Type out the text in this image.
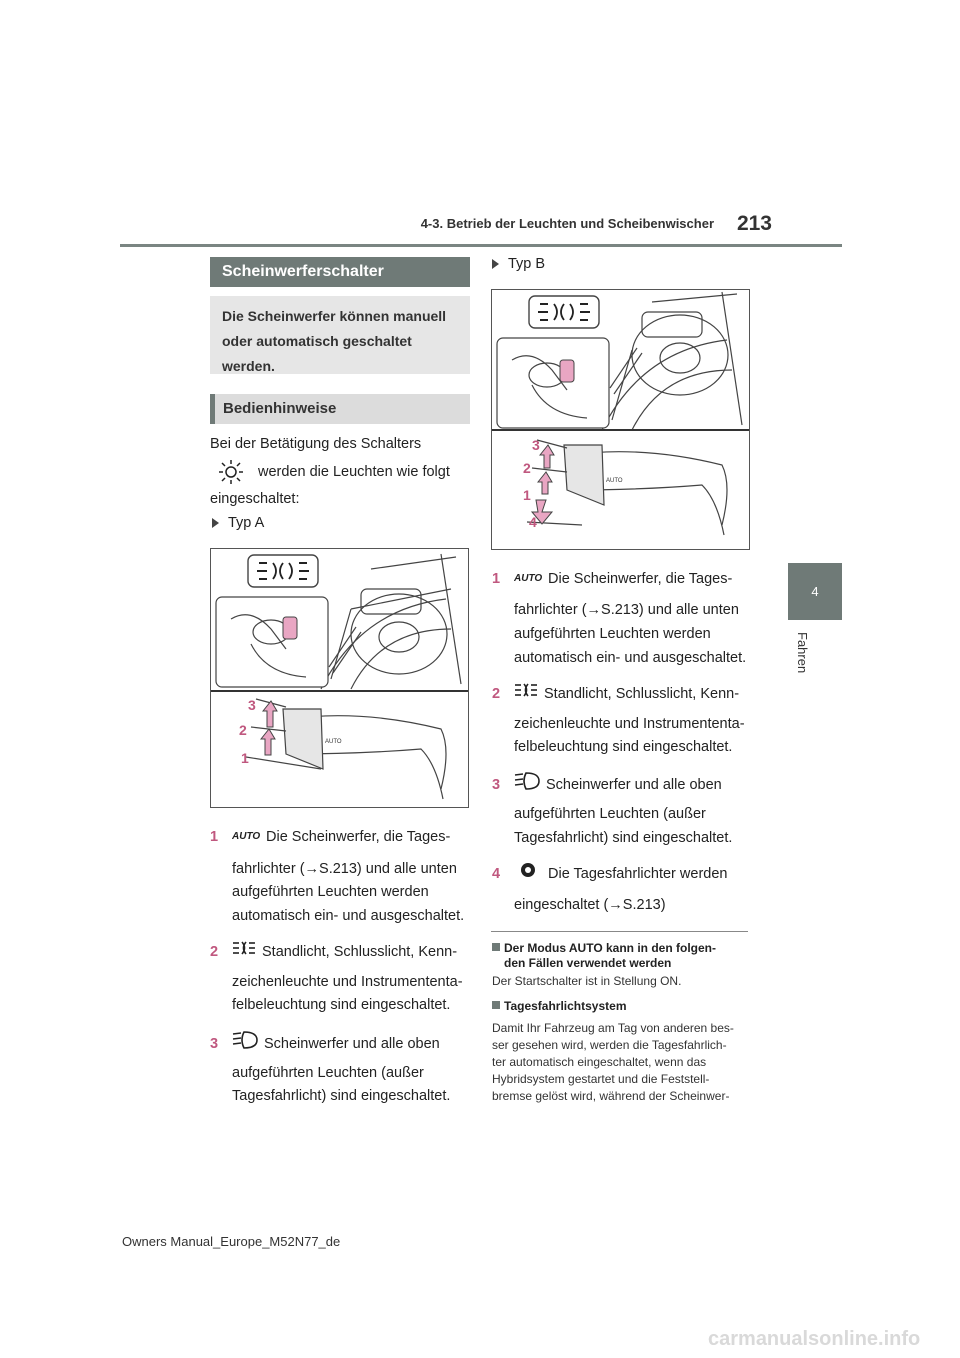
4-3. Betrieb der Leuchten und Scheibenwischer	213
4
Fahren
Scheinwerferschalter
Die Scheinwerfer können manuell oder automatisch geschaltet werden.
Bedienhinweise
Bei der Betätigung des Schalters
werden die Leuchten wie folgt
eingeschaltet:
Typ A
3
2
1
AUTO
1 AUTO Die Scheinwerfer, die Tages-
fahrlichter (→S.213) und alle unten
aufgeführten Leuchten werden
automatisch ein- und ausgeschaltet.
2	Standlicht, Schlusslicht, Kenn-
zeichenleuchte und Instrumententa-
felbeleuchtung sind eingeschaltet.
3	Scheinwerfer und alle oben
aufgeführten Leuchten (außer
Tagesfahrlicht) sind eingeschaltet.
Typ B
3
2
1
4
AUTO
1 AUTO Die Scheinwerfer, die Tages-
fahrlichter (→S.213) und alle unten
aufgeführten Leuchten werden
automatisch ein- und ausgeschaltet.
2	Standlicht, Schlusslicht, Kenn-
zeichenleuchte und Instrumententa-
felbeleuchtung sind eingeschaltet.
3	Scheinwerfer und alle oben
aufgeführten Leuchten (außer
Tagesfahrlicht) sind eingeschaltet.
4	Die Tagesfahrlichter werden
eingeschaltet (→S.213)
Der Modus AUTO kann in den folgen-
den Fällen verwendet werden
Der Startschalter ist in Stellung ON.
Tagesfahrlichtsystem
Damit Ihr Fahrzeug am Tag von anderen bes-
ser gesehen wird, werden die Tagesfahrlich-
ter automatisch eingeschaltet, wenn das
Hybridsystem gestartet und die Feststell-
bremse gelöst wird, während der Scheinwer-
Owners Manual_Europe_M52N77_de
carmanualsonline.info
